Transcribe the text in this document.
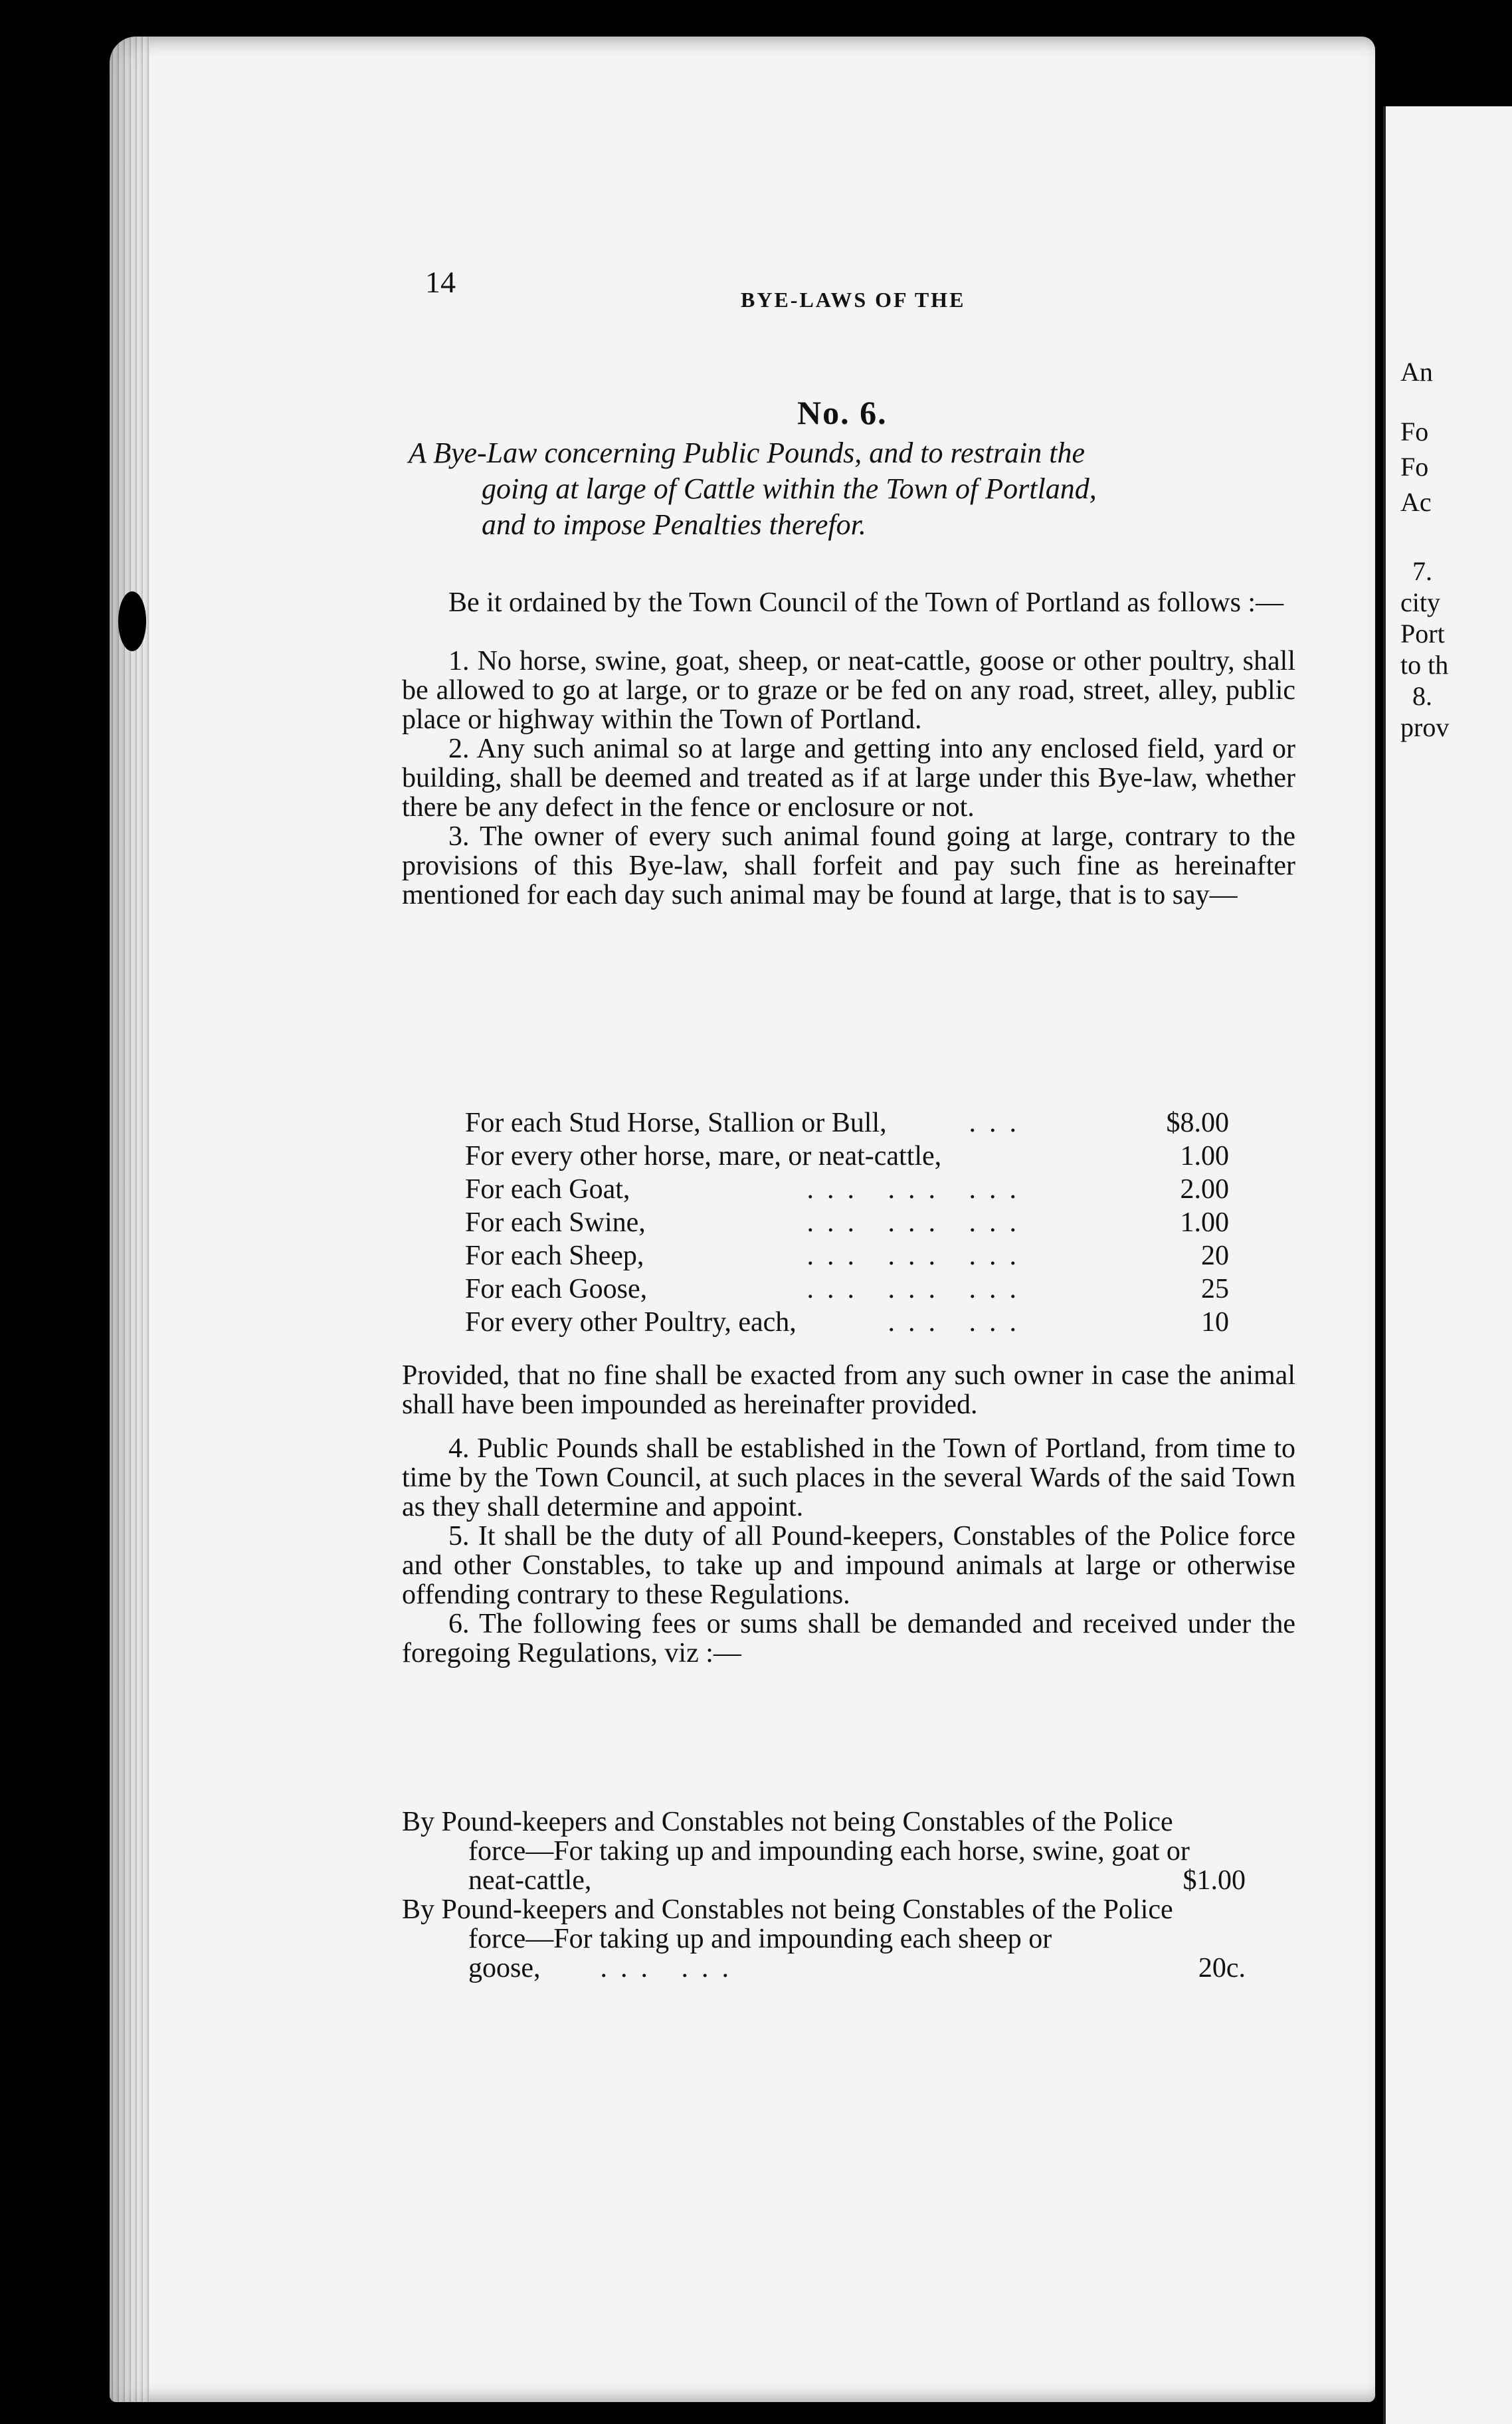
An
Fo
Fo
Ac
7.
city
Port
to th
8.
prov
14
BYE-LAWS OF THE
No. 6.
A Bye-Law concerning Public Pounds, and to restrain the
going at large of Cattle within the Town of Portland,
and to impose Penalties therefor.

Be it ordained by the Town Council of the Town of Portland as follows :—

1. No horse, swine, goat, sheep, or neat-cattle, goose or other poultry, shall be allowed to go at large, or to graze or be fed on any road, street, alley, public place or highway within the Town of Portland.

2. Any such animal so at large and getting into any enclosed field, yard or building, shall be deemed and treated as if at large under this Bye-law, whether there be any defect in the fence or enclosure or not.

3. The owner of every such animal found going at large, contrary to the provisions of this Bye-law, shall forfeit and pay such fine as hereinafter mentioned for each day such animal may be found at large, that is to say—

For each Stud Horse, Stallion or Bull,	...	$8.00
For every other horse, mare, or neat-cattle,	1.00
For each Goat,	... ... ...	2.00
For each Swine,	... ... ...	1.00
For each Sheep,	... ... ...	20
For each Goose,	... ... ...	25
For every other Poultry, each,	... ...	10

Provided, that no fine shall be exacted from any such owner in case the animal shall have been impounded as hereinafter provided.

4. Public Pounds shall be established in the Town of Portland, from time to time by the Town Council, at such places in the several Wards of the said Town as they shall determine and appoint.

5. It shall be the duty of all Pound-keepers, Constables of the Police force and other Constables, to take up and impound animals at large or otherwise offending contrary to these Regulations.

6. The following fees or sums shall be demanded and received under the foregoing Regulations, viz :—

By Pound-keepers and Constables not being Constables of the Police force—For taking up and impounding each horse, swine, goat or neat-cattle,	$1.00
By Pound-keepers and Constables not being Constables of the Police force—For taking up and impounding each sheep or goose, ... ...	20c.
